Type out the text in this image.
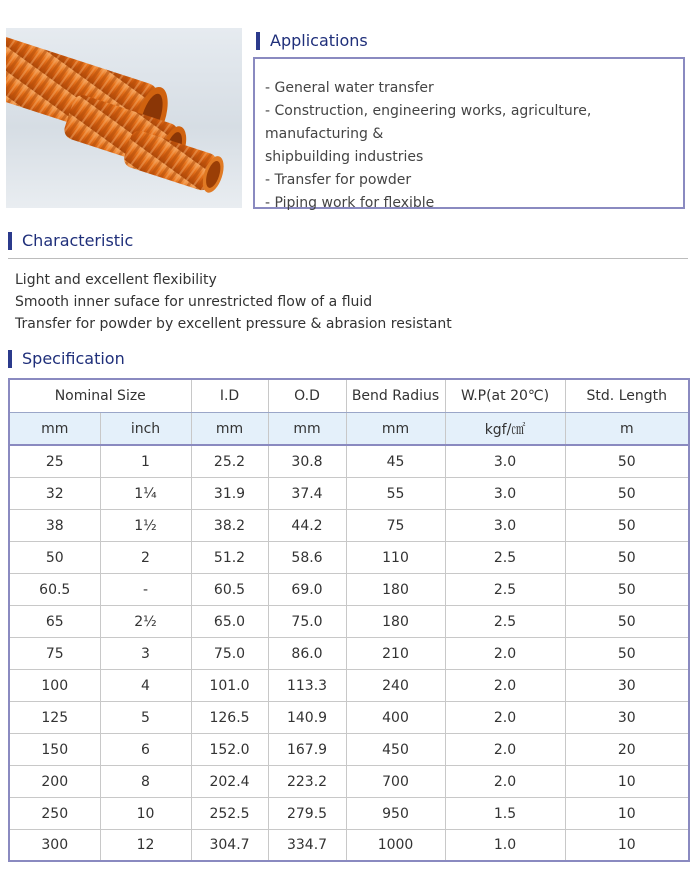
Applications
- General water transfer
- Construction, engineering works, agriculture, manufacturing &
shipbuilding industries
- Transfer for powder
- Piping work for flexible
Characteristic
Light and excellent flexibility
Smooth inner suface for unrestricted flow of a fluid
Transfer for powder by excellent pressure & abrasion resistant
Specification
Nominal Size		I.D	O.D	Bend Radius	W.P(at 20℃)	Std. Length
mm	inch	mm	mm	mm	kgf/㎠	m
25	1	25.2	30.8	45	3.0	50
32	1¼	31.9	37.4	55	3.0	50
38	1½	38.2	44.2	75	3.0	50
50	2	51.2	58.6	110	2.5	50
60.5	-	60.5	69.0	180	2.5	50
65	2½	65.0	75.0	180	2.5	50
75	3	75.0	86.0	210	2.0	50
100	4	101.0	113.3	240	2.0	30
125	5	126.5	140.9	400	2.0	30
150	6	152.0	167.9	450	2.0	20
200	8	202.4	223.2	700	2.0	10
250	10	252.5	279.5	950	1.5	10
300	12	304.7	334.7	1000	1.0	10
